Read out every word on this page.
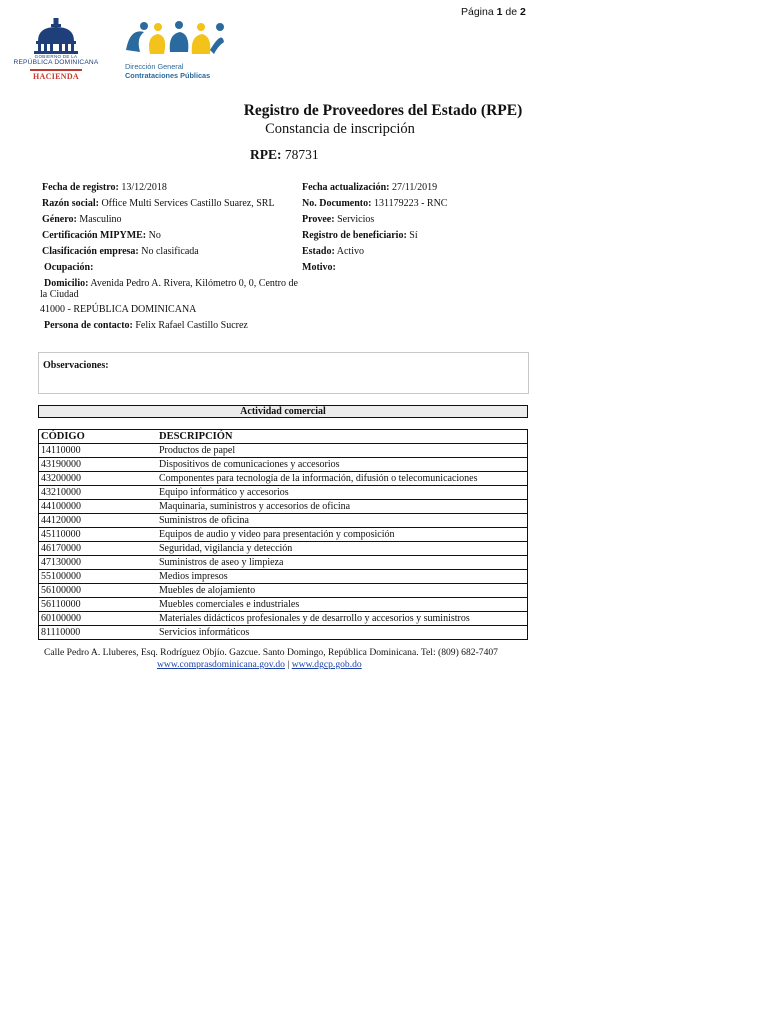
Página 1 de 2
GOBIERNO DE LA
REPÚBLICA DOMINICANA
HACIENDA
Dirección General
Contrataciones Públicas
Registro de Proveedores del Estado (RPE)
Constancia de inscripción
RPE: 78731
Fecha de registro: 13/12/2018
Razón social: Office Multi Services Castillo Suarez, SRL
Género: Masculino
Certificación MIPYME: No
Clasificación empresa: No clasificada
Ocupación:
Domicilio: Avenida Pedro A. Rivera, Kilómetro 0, 0, Centro de
la Ciudad
41000 - REPÚBLICA DOMINICANA
Persona de contacto: Felix Rafael Castillo Sucrez
Fecha actualización: 27/11/2019
No. Documento: 131179223 - RNC
Provee: Servicios
Registro de beneficiario: Sí
Estado: Activo
Motivo:
Observaciones:
Actividad comercial
CÓDIGO	DESCRIPCIÓN
14110000	Productos de papel
43190000	Dispositivos de comunicaciones y accesorios
43200000	Componentes para tecnología de la información, difusión o telecomunicaciones
43210000	Equipo informático y accesorios
44100000	Maquinaria, suministros y accesorios de oficina
44120000	Suministros de oficina
45110000	Equipos de audio y video para presentación y composición
46170000	Seguridad, vigilancia y detección
47130000	Suministros de aseo y limpieza
55100000	Medios impresos
56100000	Muebles de alojamiento
56110000	Muebles comerciales e industriales
60100000	Materiales didácticos profesionales y de desarrollo y accesorios y suministros
81110000	Servicios informáticos
Calle Pedro A. Lluberes, Esq. Rodríguez Objío. Gazcue. Santo Domingo, República Dominicana. Tel: (809) 682-7407
www.comprasdominicana.gov.do | www.dgcp.gob.do
